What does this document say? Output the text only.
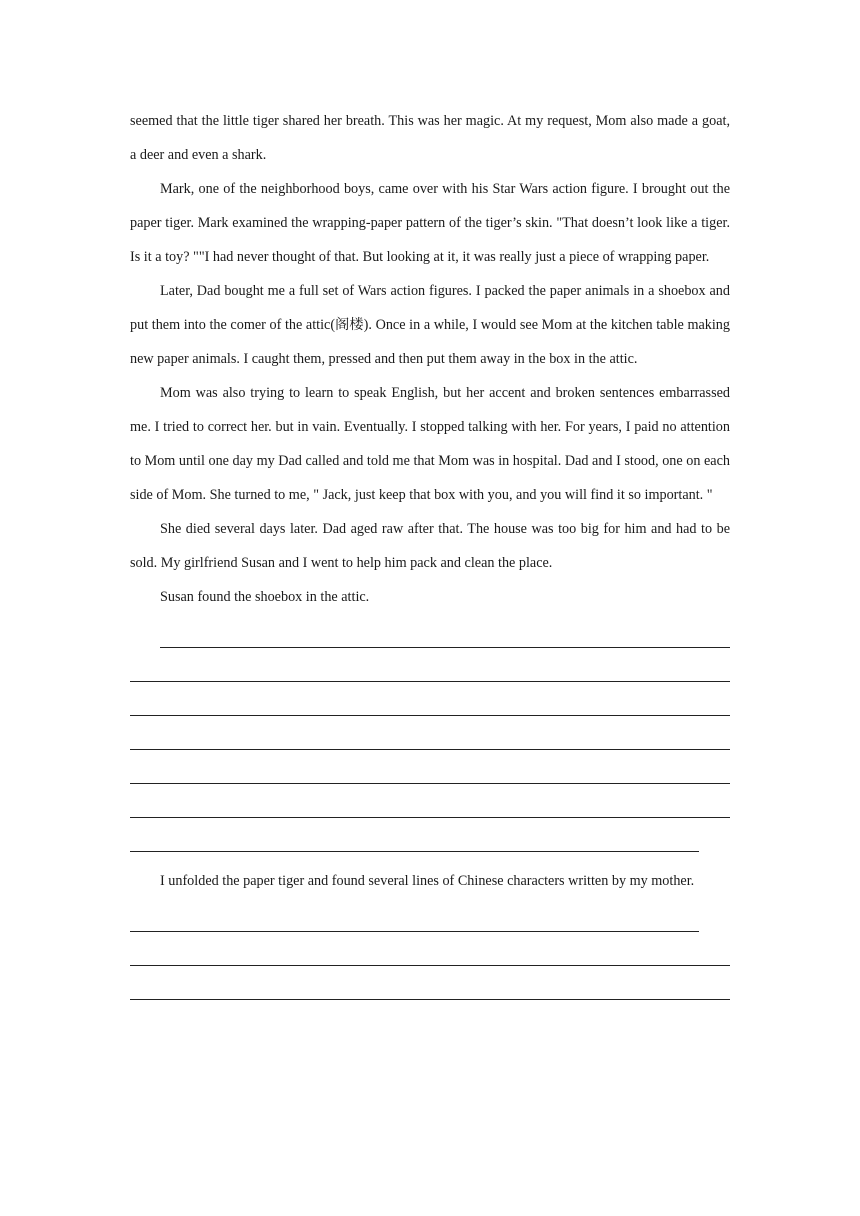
seemed that the little tiger shared her breath. This was her magic. At my request, Mom also made a goat, a deer and even a shark.

Mark, one of the neighborhood boys, came over with his Star Wars action figure. I brought out the paper tiger. Mark examined the wrapping-paper pattern of the tiger’s skin. "That doesn’t look like a tiger. Is it a toy? ""I had never thought of that. But looking at it, it was really just a piece of wrapping paper.

Later, Dad bought me a full set of Wars action figures. I packed the paper animals in a shoebox and put them into the comer of the attic(阁楼). Once in a while, I would see Mom at the kitchen table making new paper animals. I caught them, pressed and then put them away in the box in the attic.

Mom was also trying to learn to speak English, but her accent and broken sentences embarrassed me. I tried to correct her. but in vain. Eventually. I stopped talking with her. For years, I paid no attention to Mom until one day my Dad called and told me that Mom was in hospital. Dad and I stood, one on each side of Mom. She turned to me, " Jack, just keep that box with you, and you will find it so important. "

She died several days later. Dad aged raw after that. The house was too big for him and had to be sold. My girlfriend Susan and I went to help him pack and clean the place.

Susan found the shoebox in the attic.

I unfolded the paper tiger and found several lines of Chinese characters written by my mother.
